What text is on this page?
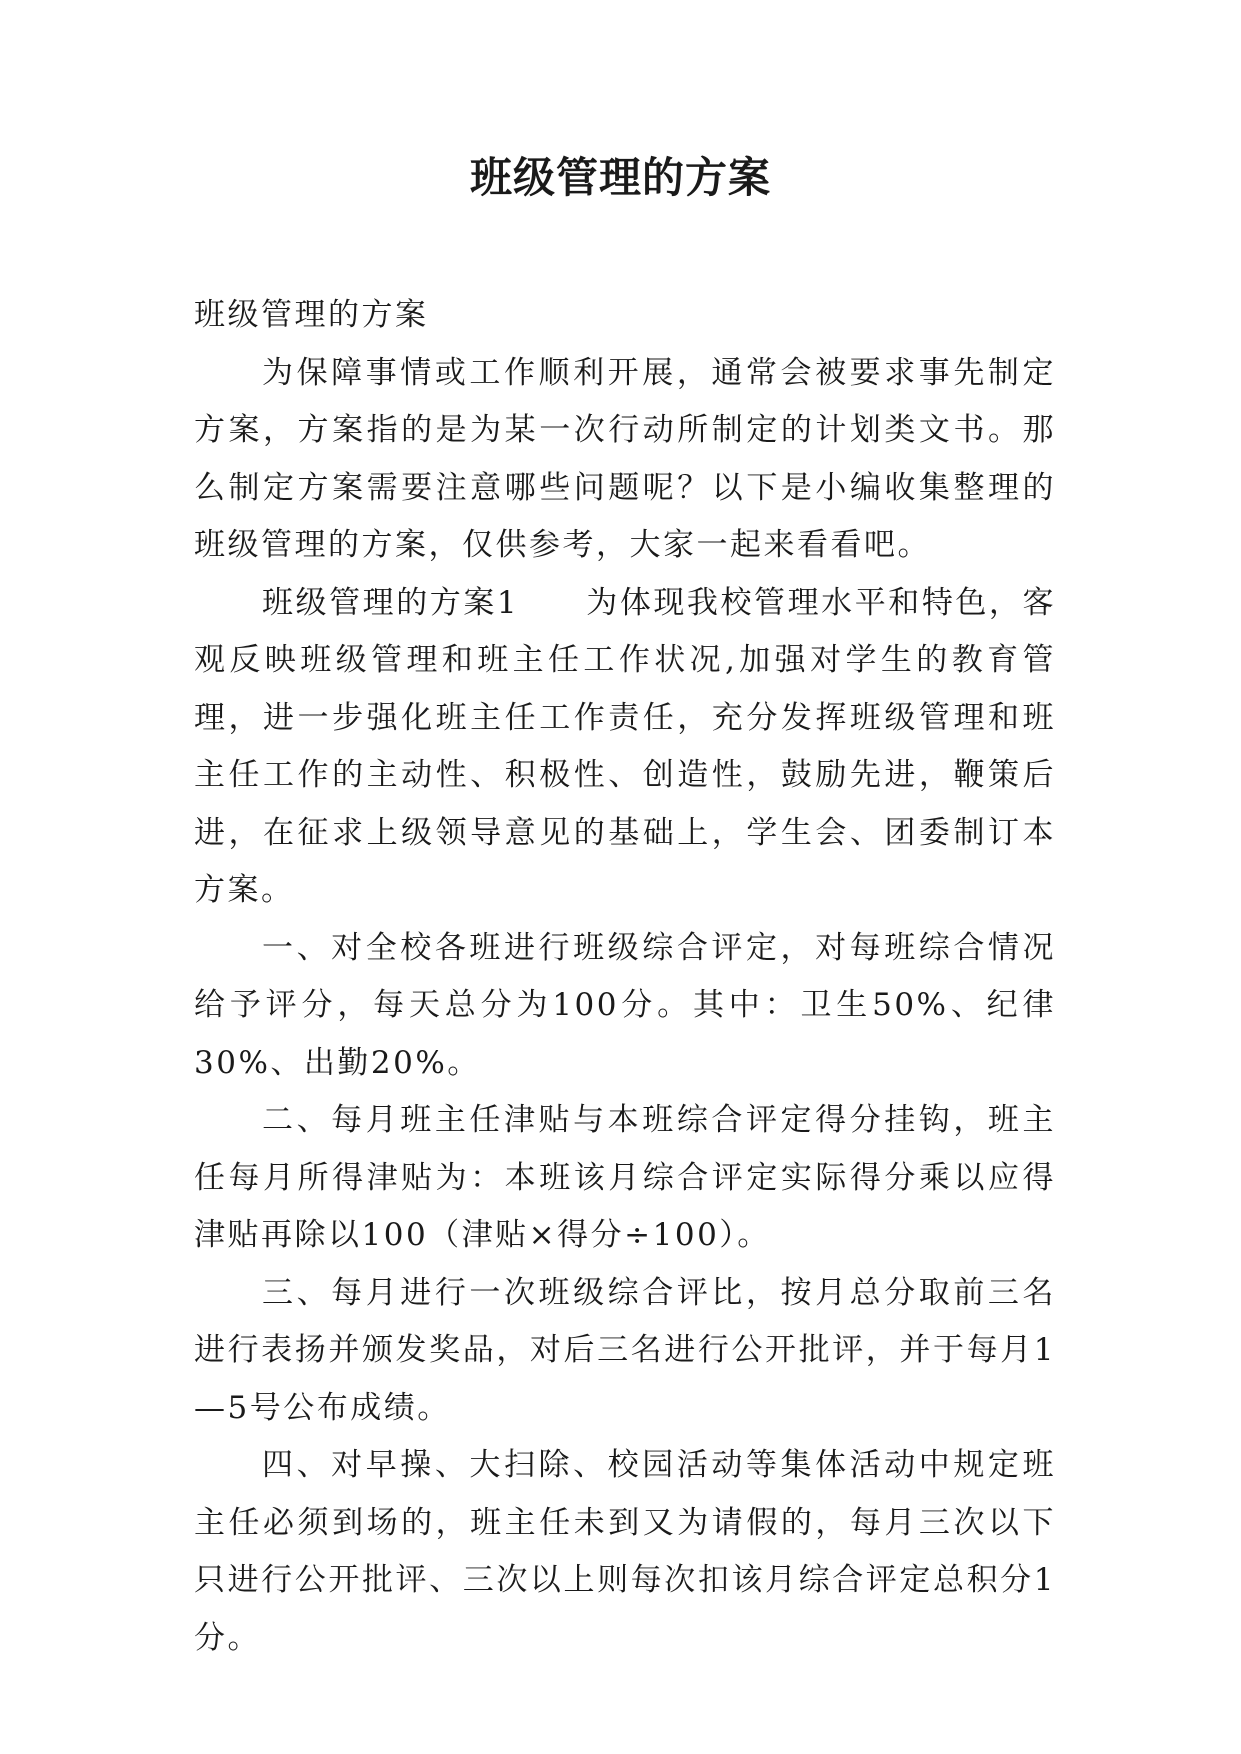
班级管理的方案

班级管理的方案

为保障事情或工作顺利开展，通常会被要求事先制定方案，方案指的是为某一次行动所制定的计划类文书。那么制定方案需要注意哪些问题呢？以下是小编收集整理的班级管理的方案，仅供参考，大家一起来看看吧。

班级管理的方案1　　为体现我校管理水平和特色，客观反映班级管理和班主任工作状况,加强对学生的教育管理，进一步强化班主任工作责任，充分发挥班级管理和班主任工作的主动性、积极性、创造性，鼓励先进，鞭策后进，在征求上级领导意见的基础上，学生会、团委制订本方案。

一、对全校各班进行班级综合评定，对每班综合情况给予评分，每天总分为100分。其中：卫生50%、纪律30%、出勤20%。

二、每月班主任津贴与本班综合评定得分挂钩，班主任每月所得津贴为：本班该月综合评定实际得分乘以应得津贴再除以100（津贴×得分÷100）。

三、每月进行一次班级综合评比，按月总分取前三名进行表扬并颁发奖品，对后三名进行公开批评，并于每月1—5号公布成绩。

四、对早操、大扫除、校园活动等集体活动中规定班主任必须到场的，班主任未到又为请假的，每月三次以下只进行公开批评、三次以上则每次扣该月综合评定总积分1分。
